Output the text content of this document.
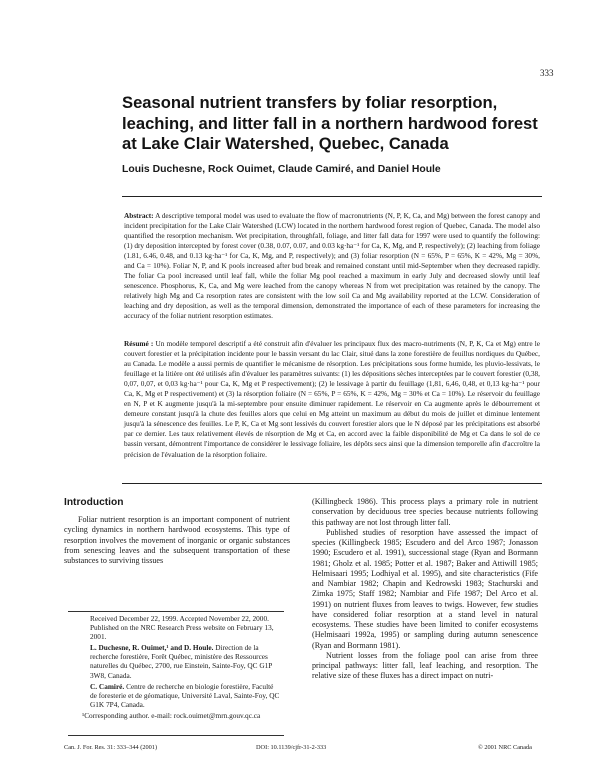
333
Seasonal nutrient transfers by foliar resorption, leaching, and litter fall in a northern hardwood forest at Lake Clair Watershed, Quebec, Canada
Louis Duchesne, Rock Ouimet, Claude Camiré, and Daniel Houle
Abstract: A descriptive temporal model was used to evaluate the flow of macronutrients (N, P, K, Ca, and Mg) between the forest canopy and incident precipitation for the Lake Clair Watershed (LCW) located in the northern hardwood forest region of Quebec, Canada. The model also quantified the resorption mechanism. Wet precipitation, throughfall, foliage, and litter fall data for 1997 were used to quantify the following: (1) dry deposition intercepted by forest cover (0.38, 0.07, 0.07, and 0.03 kg·ha⁻¹ for Ca, K, Mg, and P, respectively); (2) leaching from foliage (1.81, 6.46, 0.48, and 0.13 kg·ha⁻¹ for Ca, K, Mg, and P, respectively); and (3) foliar resorption (N = 65%, P = 65%, K = 42%, Mg = 30%, and Ca = 10%). Foliar N, P, and K pools increased after bud break and remained constant until mid-September when they decreased rapidly. The foliar Ca pool increased until leaf fall, while the foliar Mg pool reached a maximum in early July and decreased slowly until leaf senescence. Phosphorus, K, Ca, and Mg were leached from the canopy whereas N from wet precipitation was retained by the canopy. The relatively high Mg and Ca resorption rates are consistent with the low soil Ca and Mg availability reported at the LCW. Consideration of leaching and dry deposition, as well as the temporal dimension, demonstrated the importance of each of these parameters for increasing the accuracy of the foliar nutrient resorption estimates.
Résumé : Un modèle temporel descriptif a été construit afin d'évaluer les principaux flux des macro-nutriments (N, P, K, Ca et Mg) entre le couvert forestier et la précipitation incidente pour le bassin versant du lac Clair, situé dans la zone forestière de feuillus nordiques du Québec, au Canada. Le modèle a aussi permis de quantifier le mécanisme de résorption. Les précipitations sous forme humide, les pluvio-lessivats, le feuillage et la litière ont été utilisés afin d'évaluer les paramètres suivants: (1) les dépositions sèches interceptées par le couvert forestier (0,38, 0,07, 0,07, et 0,03 kg·ha⁻¹ pour Ca, K, Mg et P respectivement); (2) le lessivage à partir du feuillage (1,81, 6,46, 0,48, et 0,13 kg·ha⁻¹ pour Ca, K, Mg et P respectivement) et (3) la résorption foliaire (N = 65%, P = 65%, K = 42%, Mg = 30% et Ca = 10%). Le réservoir du feuillage en N, P et K augmente jusqu'à la mi-septembre pour ensuite diminuer rapidement. Le réservoir en Ca augmente après le débourrement et demeure constant jusqu'à la chute des feuilles alors que celui en Mg atteint un maximum au début du mois de juillet et diminue lentement jusqu'à la sénescence des feuilles. Le P, K, Ca et Mg sont lessivés du couvert forestier alors que le N déposé par les précipitations est absorbé par ce dernier. Les taux relativement élevés de résorption de Mg et Ca, en accord avec la faible disponibilité de Mg et Ca dans le sol de ce bassin versant, démontrent l'importance de considérer le lessivage foliaire, les dépôts secs ainsi que la dimension temporelle afin d'accroître la précision de l'évaluation de la résorption foliaire.
Introduction

Foliar nutrient resorption is an important component of nutrient cycling dynamics in northern hardwood ecosystems. This type of resorption involves the movement of inorganic or organic substances from senescing leaves and the subsequent transportation of these substances to surviving tissues

Received December 22, 1999. Accepted November 22, 2000. Published on the NRC Research Press website on February 13, 2001.

L. Duchesne, R. Ouimet,¹ and D. Houle. Direction de la recherche forestière, Forêt Québec, ministère des Ressources naturelles du Québec, 2700, rue Einstein, Sainte-Foy, QC G1P 3W8, Canada.

C. Camiré. Centre de recherche en biologie forestière, Faculté de foresterie et de géomatique, Université Laval, Sainte-Foy, QC G1K 7P4, Canada.

¹Corresponding author. e-mail: rock.ouimet@mrn.gouv.qc.ca

(Killingbeck 1986). This process plays a primary role in nutrient conservation by deciduous tree species because nutrients following this pathway are not lost through litter fall.

Published studies of resorption have assessed the impact of species (Killingbeck 1985; Escudero and del Arco 1987; Jonasson 1990; Escudero et al. 1991), successional stage (Ryan and Bormann 1981; Gholz et al. 1985; Potter et al. 1987; Baker and Attiwill 1985; Helmisaari 1995; Lodhiyal et al. 1995), and site characteristics (Fife and Nambiar 1982; Chapin and Kedrowski 1983; Stachurski and Zimka 1975; Staff 1982; Nambiar and Fife 1987; Del Arco et al. 1991) on nutrient fluxes from leaves to twigs. However, few studies have considered foliar resorption at a stand level in natural ecosystems. These studies have been limited to conifer ecosystems (Helmisaari 1992a, 1995) or sampling during autumn senescence (Ryan and Bormann 1981).

Nutrient losses from the foliage pool can arise from three principal pathways: litter fall, leaf leaching, and resorption. The relative size of these fluxes has a direct impact on nutri-

Can. J. For. Res. 31: 333–344 (2001)	DOI: 10.1139/cjfr-31-2-333	© 2001 NRC Canada
